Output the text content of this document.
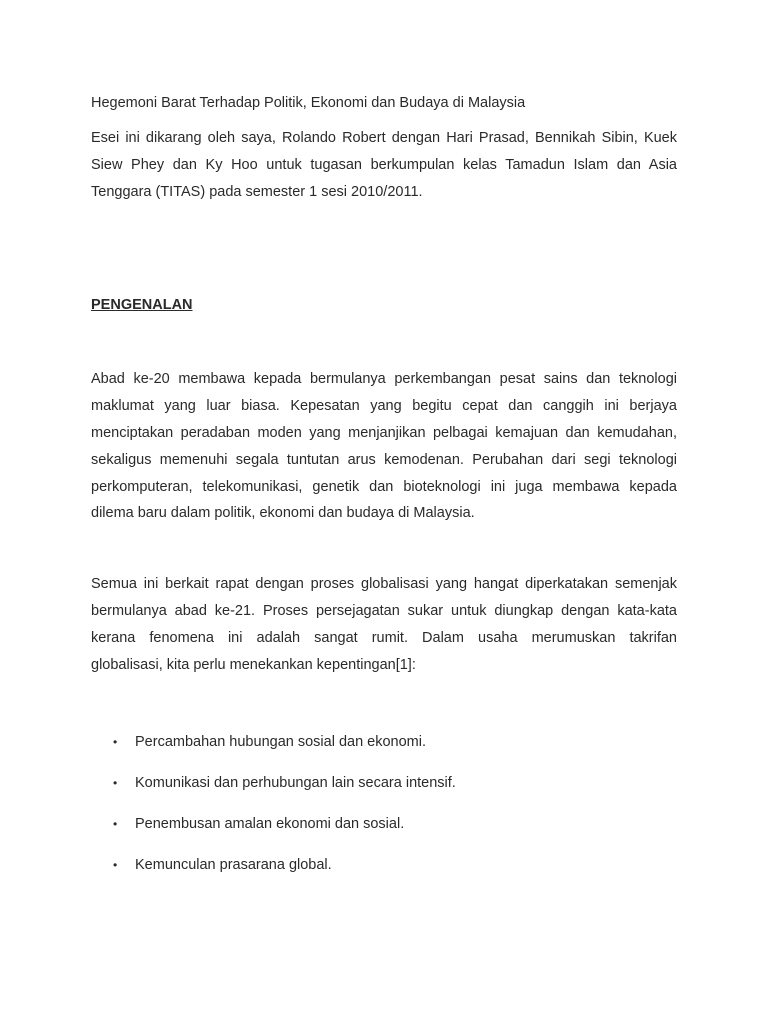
Hegemoni Barat Terhadap Politik, Ekonomi dan Budaya di Malaysia
Esei ini dikarang oleh saya, Rolando Robert dengan Hari Prasad, Bennikah Sibin, Kuek
Siew Phey dan Ky Hoo untuk tugasan berkumpulan kelas Tamadun Islam dan Asia
Tenggara (TITAS) pada semester 1 sesi 2010/2011.
PENGENALAN
Abad ke-20 membawa kepada bermulanya perkembangan pesat sains dan teknologi
maklumat yang luar biasa. Kepesatan yang begitu cepat dan canggih ini berjaya
mencipt​akan peradaban moden yang menjanjikan pelbagai kemajuan dan kemudahan,
sekaligus memenuhi segala tuntutan arus kemodenan. Perubahan dari segi teknologi
perkomputeran, telekomunikasi, genetik dan bioteknologi ini juga membawa kepada
dilema baru dalam politik, ekonomi dan budaya di Malaysia.
Semua ini berkait rapat dengan proses globalisasi yang hangat diperkatakan semenjak
bermulanya abad ke-21. Proses persejagatan sukar untuk diungkap dengan kata-kata
kerana fenomena ini adalah sangat rumit. Dalam usaha merumuskan takrifan
globalisasi, kita perlu menekankan kepentingan[1]:
• Percambahan hubungan sosial dan ekonomi.
• Komunikasi dan perhubungan lain secara intensif.
• Penembusan amalan ekonomi dan sosial.
• Kemunculan prasarana global.
